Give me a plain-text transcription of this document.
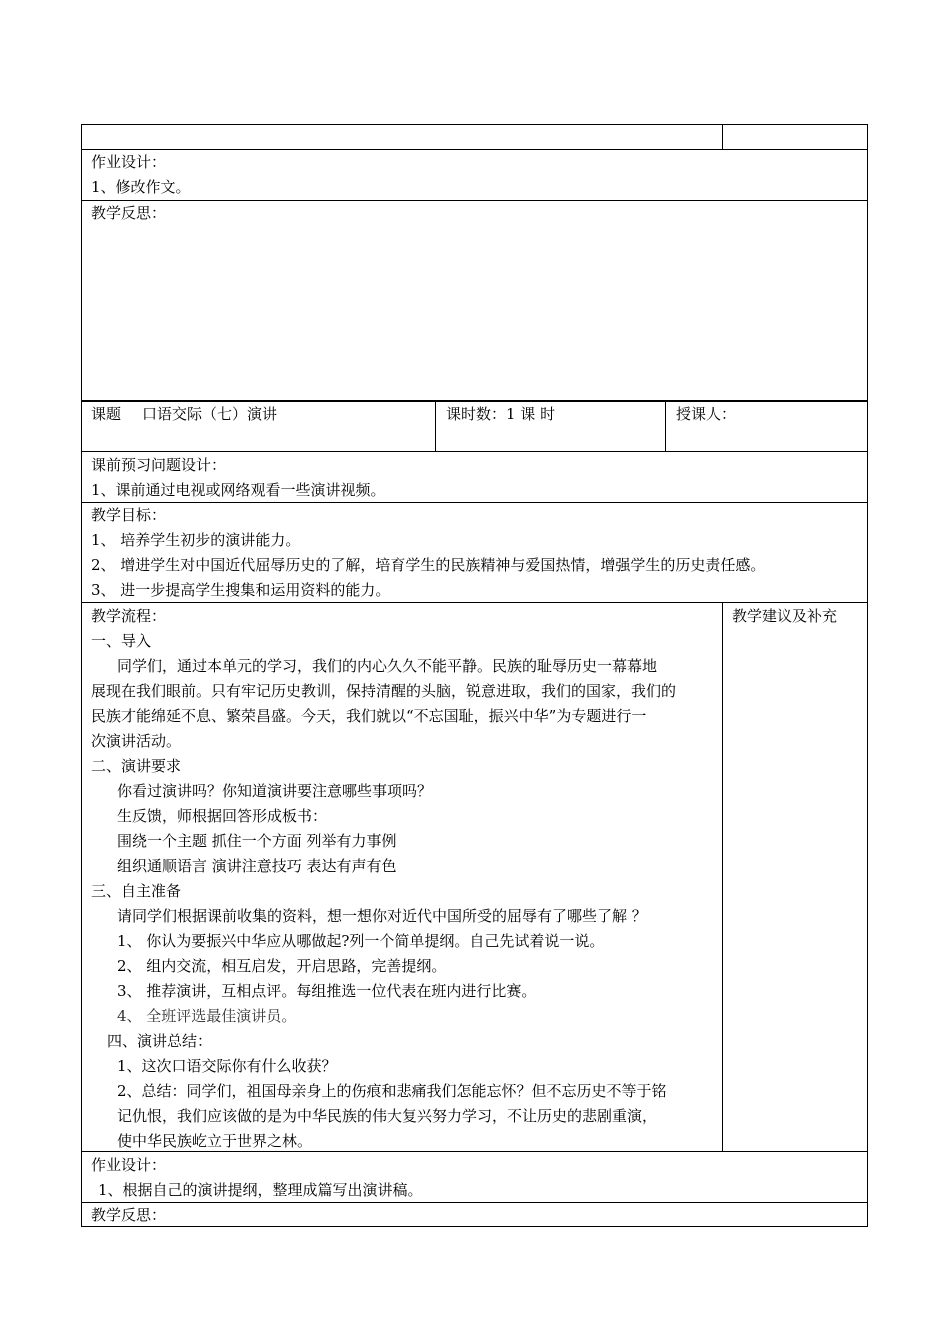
作业设计：
1、修改作文。
教学反思：
课题 口语交际（七）演讲	课时数：1 课 时	授课人：
课前预习问题设计：
1、课前通过电视或网络观看一些演讲视频。
教学目标：
1、 培养学生初步的演讲能力。
2、 增进学生对中国近代屈辱历史的了解，培育学生的民族精神与爱国热情，增强学生的历史责任感。
3、 进一步提高学生搜集和运用资料的能力。
教学建议及补充
教学流程：
一、导入
同学们，通过本单元的学习，我们的内心久久不能平静。民族的耻辱历史一幕幕地
展现在我们眼前。只有牢记历史教训，保持清醒的头脑，锐意进取，我们的国家，我们的
民族才能绵延不息、繁荣昌盛。今天，我们就以“不忘国耻，振兴中华”为专题进行一
次演讲活动。
二、演讲要求
你看过演讲吗？你知道演讲要注意哪些事项吗？
生反馈，师根据回答形成板书：
围绕一个主题 抓住一个方面 列举有力事例
组织通顺语言 演讲注意技巧 表达有声有色
三、自主准备
请同学们根据课前收集的资料，想一想你对近代中国所受的屈辱有了哪些了解 ？
1、 你认为要振兴中华应从哪做起?列一个简单提纲。自己先试着说一说。
2、 组内交流，相互启发，开启思路，完善提纲。
3、 推荐演讲，互相点评。每组推选一位代表在班内进行比赛。
4、 全班评选最佳演讲员。
四、演讲总结：
1、这次口语交际你有什么收获？
2、总结：同学们，祖国母亲身上的伤痕和悲痛我们怎能忘怀？但不忘历史不等于铭
记仇恨，我们应该做的是为中华民族的伟大复兴努力学习，不让历史的悲剧重演，
使中华民族屹立于世界之林。
作业设计：
1、根据自己的演讲提纲，整理成篇写出演讲稿。
教学反思：
